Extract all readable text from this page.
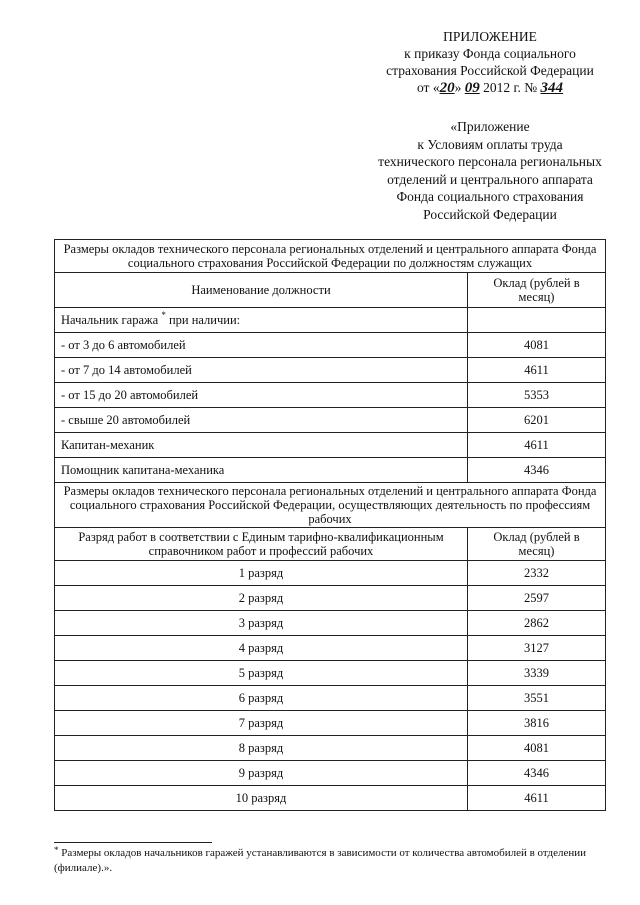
ПРИЛОЖЕНИЕ
к приказу Фонда социального
страхования Российской Федерации
от «20» 09 2012 г. № 344
«Приложение
к Условиям оплаты труда
технического персонала региональных
отделений и центрального аппарата
Фонда социального страхования
Российской Федерации
Размеры окладов технического персонала региональных отделений и центрального аппарата Фонда социального страхования Российской Федерации по должностям служащих	
Наименование должности	Оклад (рублей в месяц)
Начальник гаража * при наличии:	
- от 3 до 6 автомобилей	4081
- от 7 до 14 автомобилей	4611
- от 15 до 20 автомобилей	5353
- свыше 20 автомобилей	6201
Капитан-механик	4611
Помощник капитана-механика	4346
Размеры окладов технического персонала региональных отделений и центрального аппарата Фонда социального страхования Российской Федерации, осуществляющих деятельность по профессиям рабочих	
Разряд работ в соответствии с Единым тарифно-квалификационным справочником работ и профессий рабочих	Оклад (рублей в месяц)
1 разряд	2332
2 разряд	2597
3 разряд	2862
4 разряд	3127
5 разряд	3339
6 разряд	3551
7 разряд	3816
8 разряд	4081
9 разряд	4346
10 разряд	4611
* Размеры окладов начальников гаражей устанавливаются в зависимости от количества автомобилей в отделении (филиале).».
